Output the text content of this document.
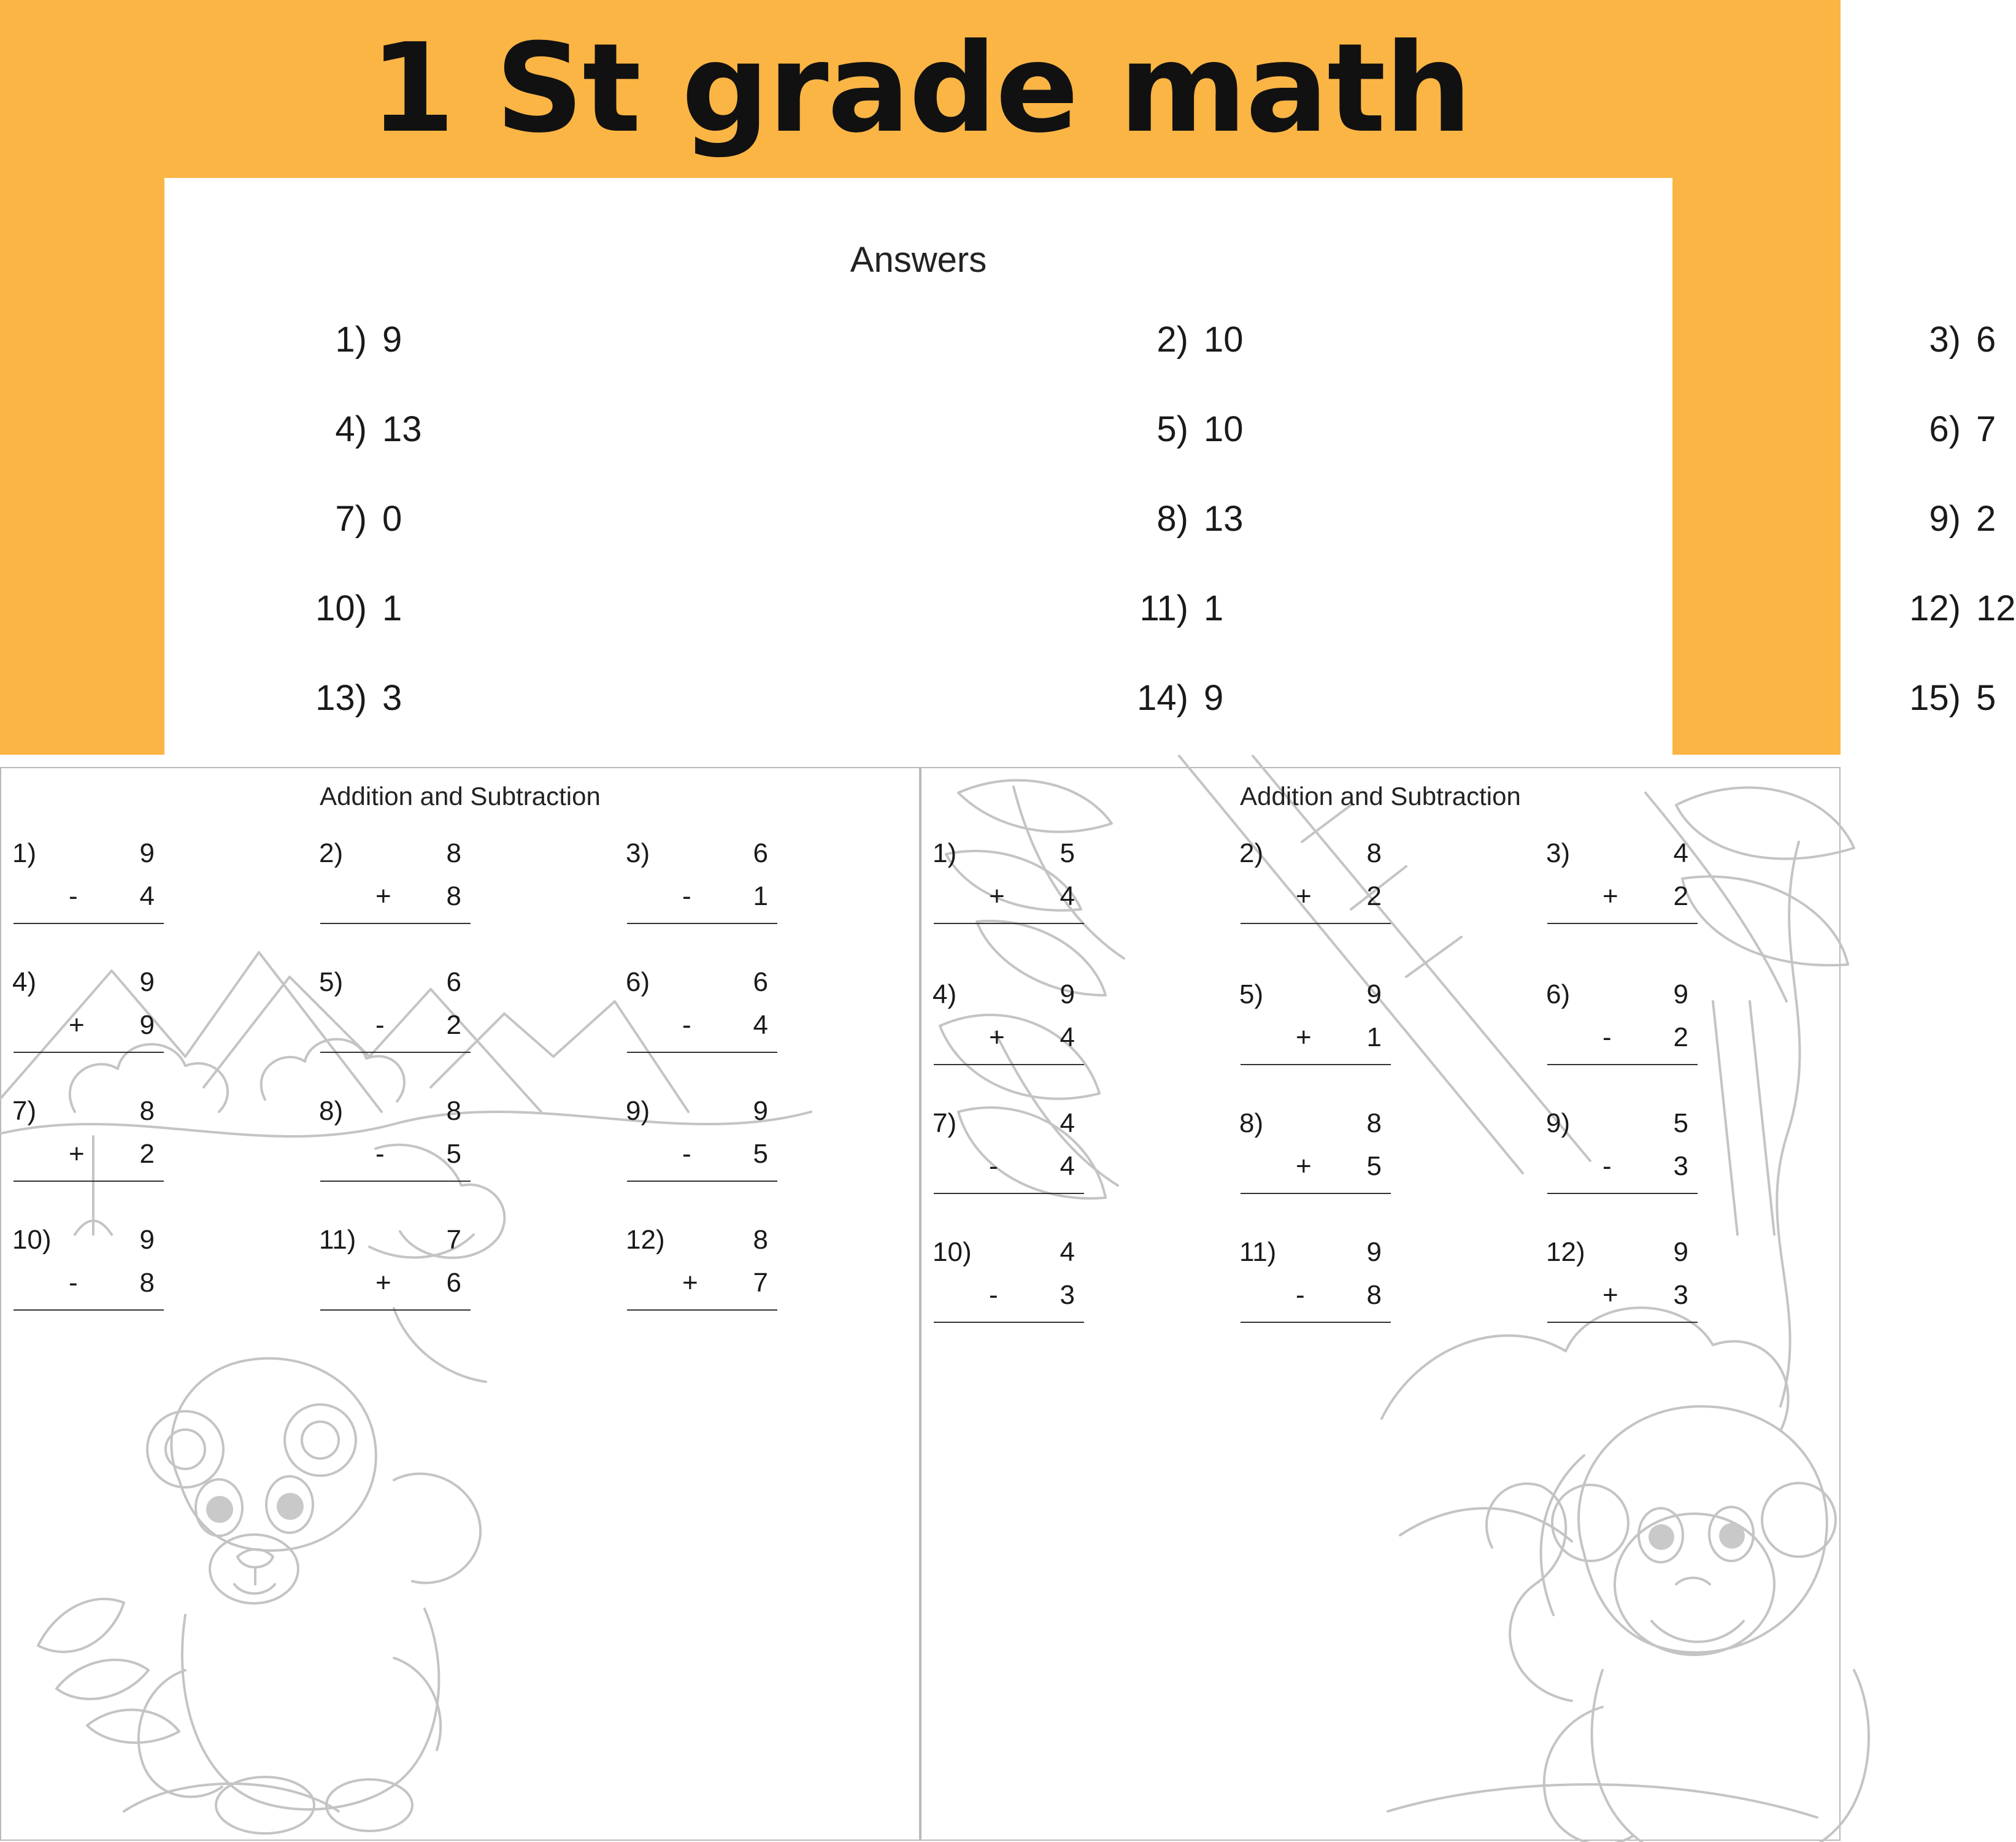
1 St grade math
Answers
1) 9	2) 10	3) 6
4) 13	5) 10	6) 7
7) 0	8) 13	9) 2
10) 1	11) 1	12) 12
13) 3	14) 9	15) 5
Addition and Subtraction
1)	9
-	4
2)	8
+	8
3)	6
-	1
4)	9
+	9
5)	6
-	2
6)	6
-	4
7)	8
+	2
8)	8
-	5
9)	9
-	5
10)	9
-	8
11)	7
+	6
12)	8
+	7
Addition and Subtraction
1)	5
+	4
2)	8
+	2
3)	4
+	2
4)	9
+	4
5)	9
+	1
6)	9
-	2
7)	4
-	4
8)	8
+	5
9)	5
-	3
10)	4
-	3
11)	9
-	8
12)	9
+	3
